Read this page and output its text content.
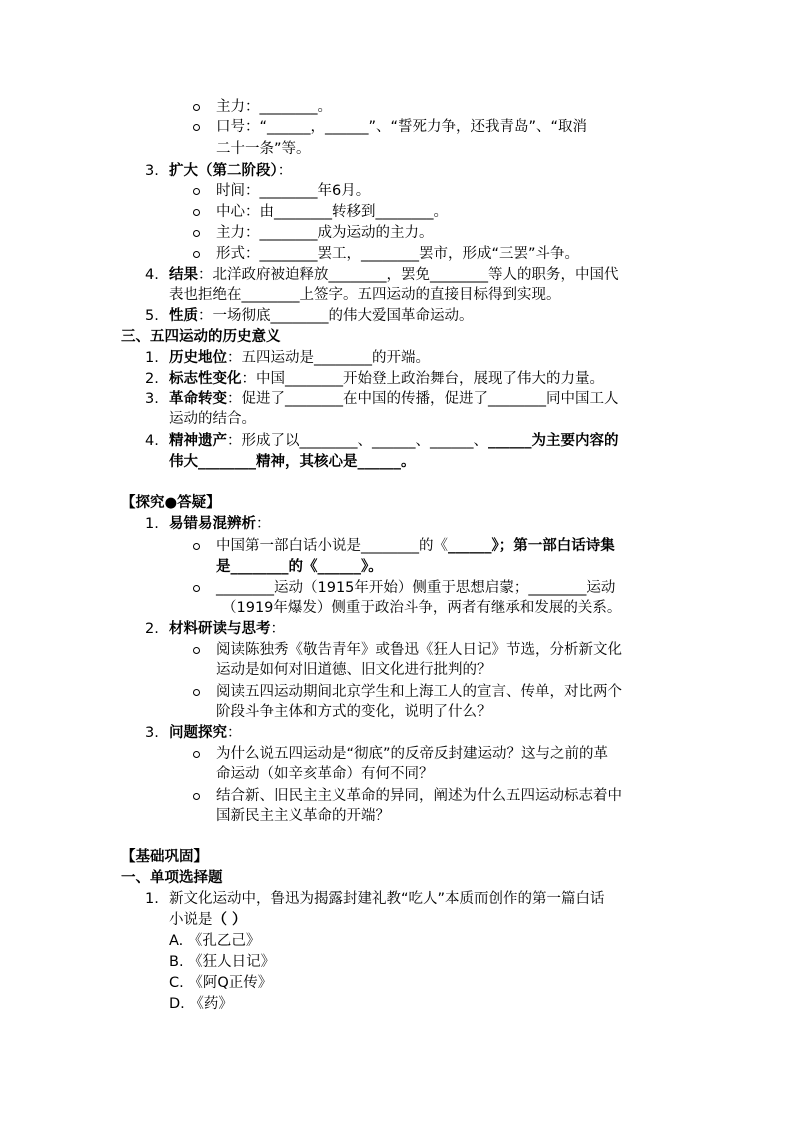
主力：________。
口号：“______，______”、“誓死力争，还我青岛”、“取消
二十一条”等。
3. 扩大（第二阶段）：
时间：________年6月。
中心：由________转移到________。
主力：________成为运动的主力。
形式：________罢工，________罢市，形成“三罢”斗争。
4. 结果：北洋政府被迫释放________，罢免________等人的职务，中国代
表也拒绝在________上签字。五四运动的直接目标得到实现。
5. 性质：一场彻底________的伟大爱国革命运动。
三、五四运动的历史意义
1. 历史地位：五四运动是________的开端。
2. 标志性变化：中国________开始登上政治舞台，展现了伟大的力量。
3. 革命转变：促进了________在中国的传播，促进了________同中国工人
运动的结合。
4. 精神遗产：形成了以________、______、______、______为主要内容的
伟大________精神，其核心是______。
【探究●答疑】
1. 易错易混辨析：
中国第一部白话小说是________的《______》；第一部白话诗集
是________的《______》。
________运动（1915年开始）侧重于思想启蒙；________运动
（1919年爆发）侧重于政治斗争，两者有继承和发展的关系。
2. 材料研读与思考：
阅读陈独秀《敬告青年》或鲁迅《狂人日记》节选，分析新文化
运动是如何对旧道德、旧文化进行批判的？
阅读五四运动期间北京学生和上海工人的宣言、传单，对比两个
阶段斗争主体和方式的变化，说明了什么？
3. 问题探究：
为什么说五四运动是“彻底”的反帝反封建运动？这与之前的革
命运动（如辛亥革命）有何不同？
结合新、旧民主主义革命的异同，阐述为什么五四运动标志着中
国新民主主义革命的开端？
【基础巩固】
一、单项选择题
1. 新文化运动中，鲁迅为揭露封建礼教“吃人”本质而创作的第一篇白话
小说是（ ）
A. 《孔乙己》
B. 《狂人日记》
C. 《阿Q正传》
D. 《药》
